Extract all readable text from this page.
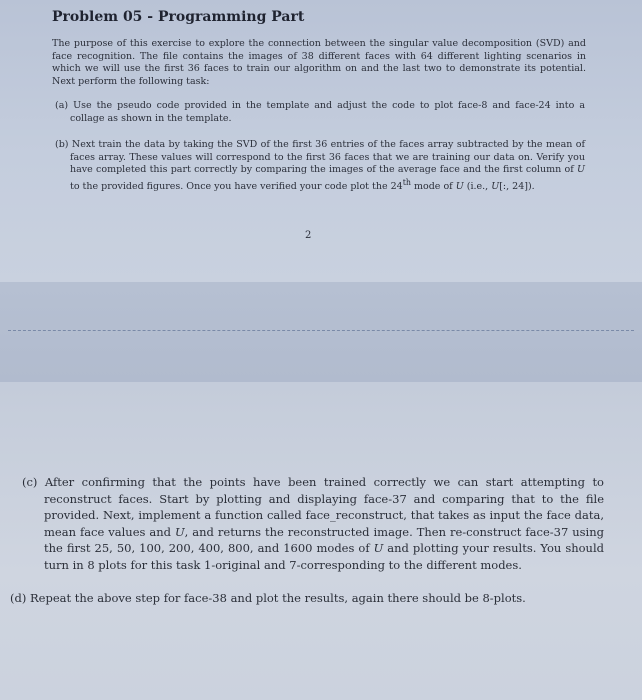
Problem 05 - Programming Part

The purpose of this exercise to explore the connection between the singular value decomposition (SVD) and face recognition. The file contains the images of 38 different faces with 64 different lighting scenarios in which we will use the first 36 faces to train our algorithm on and the last two to demonstrate its potential. Next perform the following task:

(a) Use the pseudo code provided in the template and adjust the code to plot face-8 and face-24 into a collage as shown in the template.

(b) Next train the data by taking the SVD of the first 36 entries of the faces array subtracted by the mean of faces array. These values will correspond to the first 36 faces that we are training our data on. Verify you have completed this part correctly by comparing the images of the average face and the first column of U to the provided figures. Once you have verified your code plot the 24th mode of U (i.e., U[:, 24]).

2

(c) After confirming that the points have been trained correctly we can start attempting to reconstruct faces. Start by plotting and displaying face-37 and comparing that to the file provided. Next, implement a function called face_reconstruct, that takes as input the face data, mean face values and U, and returns the reconstructed image. Then re-construct face-37 using the first 25, 50, 100, 200, 400, 800, and 1600 modes of U and plotting your results. You should turn in 8 plots for this task 1-original and 7-corresponding to the different modes.

(d) Repeat the above step for face-38 and plot the results, again there should be 8-plots.
